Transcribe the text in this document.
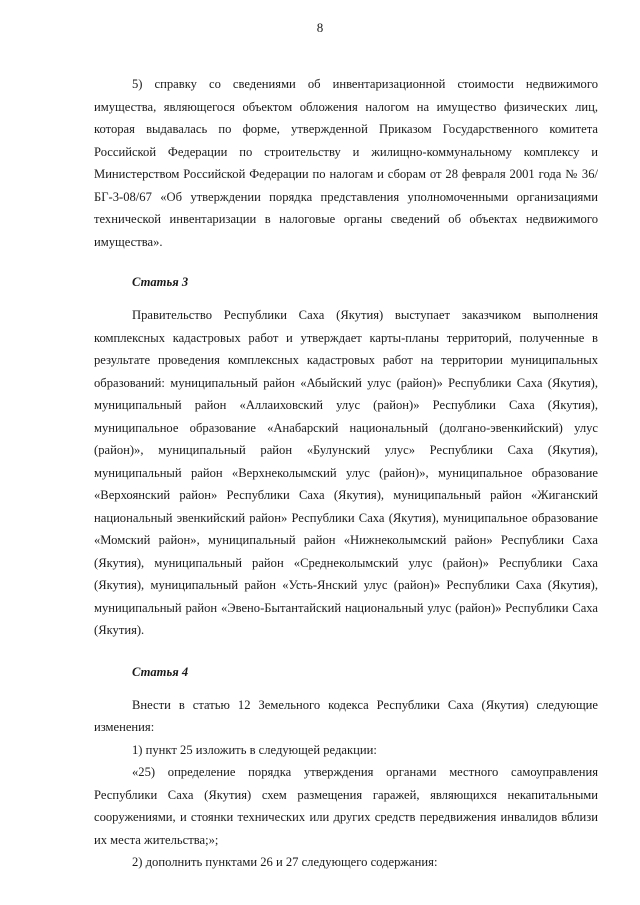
8

5) справку со сведениями об инвентаризационной стоимости недвижимого имущества, являющегося объектом обложения налогом на имущество физических лиц, которая выдавалась по форме, утвержденной Приказом Государственного комитета Российской Федерации по строительству и жилищно-коммунальному комплексу и Министерством Российской Федерации по налогам и сборам от 28 февраля 2001 года № 36/БГ-3-08/67 «Об утверждении порядка представления уполномоченными организациями технической инвентаризации в налоговые органы сведений об объектах недвижимого имущества».

Статья 3

Правительство Республики Саха (Якутия) выступает заказчиком выполнения комплексных кадастровых работ и утверждает карты-планы территорий, полученные в результате проведения комплексных кадастровых работ на территории муниципальных образований: муниципальный район «Абыйский улус (район)» Республики Саха (Якутия), муниципальный район «Аллаиховский улус (район)» Республики Саха (Якутия), муниципальное образование «Анабарский национальный (долгано-эвенкийский) улус (район)», муниципальный район «Булунский улус» Республики Саха (Якутия), муниципальный район «Верхнеколымский улус (район)», муниципальное образование «Верхоянский район» Республики Саха (Якутия), муниципальный район «Жиганский национальный эвенкийский район» Республики Саха (Якутия), муниципальное образование «Момский район», муниципальный район «Нижнеколымский район» Республики Саха (Якутия), муниципальный район «Среднеколымский улус (район)» Республики Саха (Якутия), муниципальный район «Усть-Янский улус (район)» Республики Саха (Якутия), муниципальный район «Эвено-Бытантайский национальный улус (район)» Республики Саха (Якутия).

Статья 4

Внести в статью 12 Земельного кодекса Республики Саха (Якутия) следующие изменения:

1) пункт 25 изложить в следующей редакции:

«25) определение порядка утверждения органами местного самоуправления Республики Саха (Якутия) схем размещения гаражей, являющихся некапитальными сооружениями, и стоянки технических или других средств передвижения инвалидов вблизи их места жительства;»;

2) дополнить пунктами 26 и 27 следующего содержания:
